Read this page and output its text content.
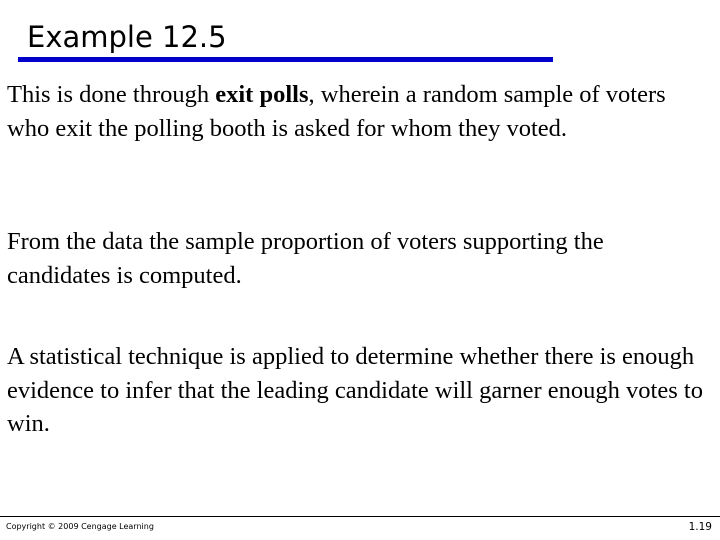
Example 12.5

This is done through exit polls, wherein a random sample of voters who exit the polling booth is asked for whom they voted.

From the data the sample proportion of voters supporting the candidates is computed.

A statistical technique is applied to determine whether there is enough evidence to infer that the leading candidate will garner enough votes to win.

Copyright © 2009 Cengage Learning	1.19
